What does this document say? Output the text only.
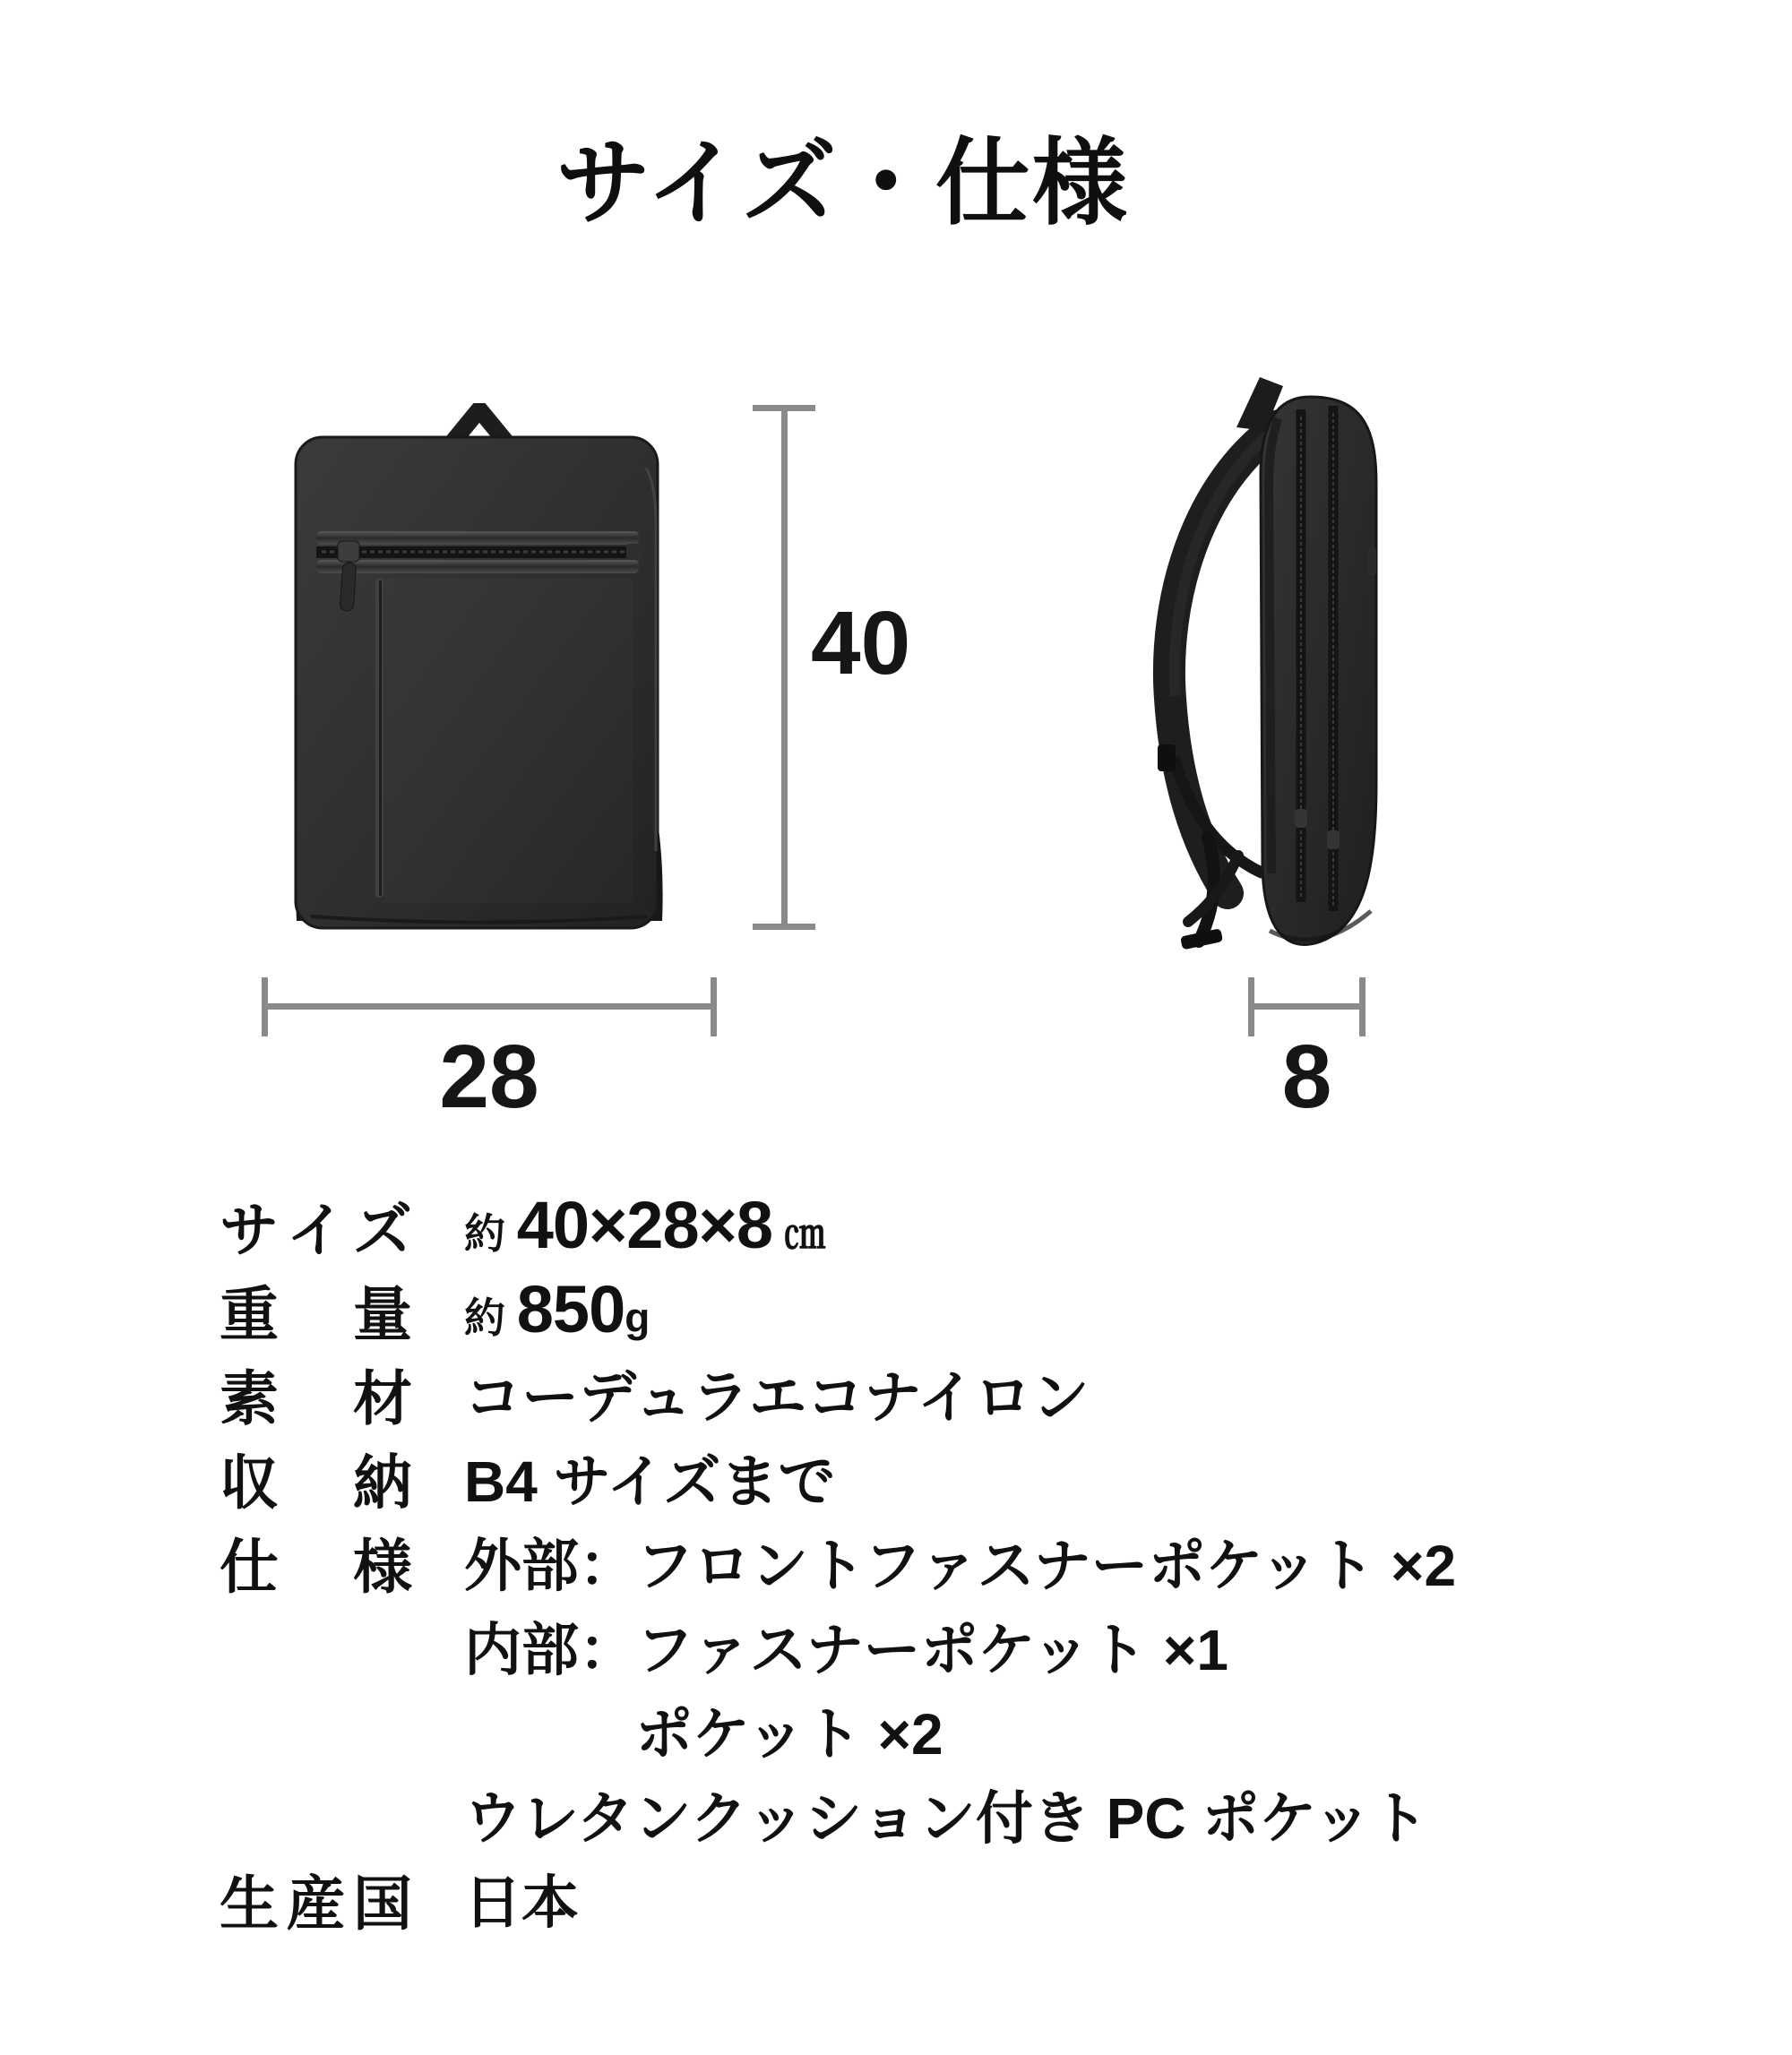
サイズ・仕様
40
28	8
サ イ ズ 約 40×28×8 ㎝
重 量 約 850g
素 材 コーデュラエコナイロン
収 納 B4 サイズまで
仕 様 外部：フロントファスナーポケット ×2
内部：ファスナーポケット ×1
ポケット ×2
ウレタンクッション付き PC ポケット
生 産 国 日本
